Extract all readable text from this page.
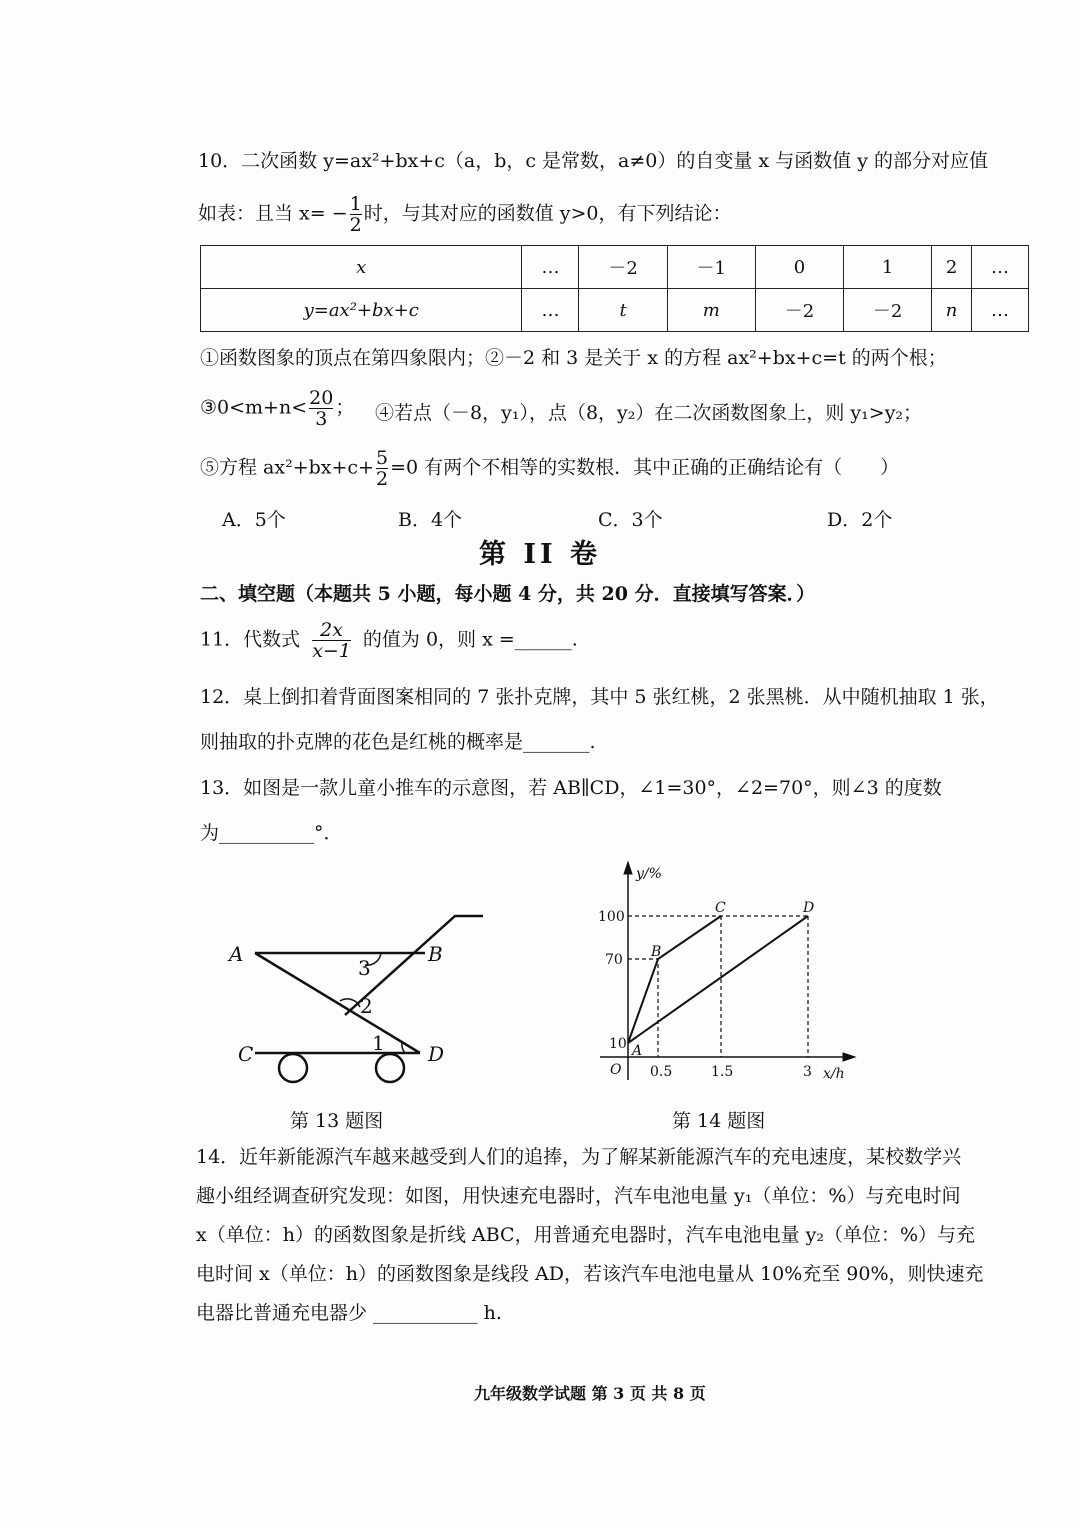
10．二次函数 y=ax²+bx+c（a，b，c 是常数，a≠0）的自变量 x 与函数值 y 的部分对应值
如表：且当 $x= - \frac{1}{2}$ 时，与其对应的函数值 y>0，有下列结论：
x	…	－2	－1	0	1	2	…
y=ax²+bx+c	…	t	m	－2	－2	n	…
①函数图象的顶点在第四象限内；②－2 和 3 是关于 x 的方程 ax²+bx+c=t 的两个根；
③0<m+n< $\frac{20}{3}$ ； ④若点（－8，y₁），点（8，y₂）在二次函数图象上，则 y₁>y₂；
⑤方程 $ax^2+bx+c+ \frac{5}{2} =0$ 有两个不相等的实数根．其中正确的正确结论有（　　）
A．5个	B．4个	C．3个	D．2个
第 II 卷
二、填空题（本题共 5 小题，每小题 4 分，共 20 分．直接填写答案．）
11．代数式 $\frac{2x}{x-1}$ 的值为 0，则 x =______.
12．桌上倒扣着背面图案相同的 7 张扑克牌，其中 5 张红桃，2 张黑桃．从中随机抽取 1 张，
则抽取的扑克牌的花色是红桃的概率是_______.
13．如图是一款儿童小推车的示意图，若 AB∥CD，∠1=30°，∠2=70°，则∠3 的度数
为__________°．
A	B
C	D
1
2
3
y/%
x/h
O
100
70
10
0.5	1.5	3
A
B
C	D
第 13 题图	第 14 题图
14．近年新能源汽车越来越受到人们的追捧，为了解某新能源汽车的充电速度，某校数学兴
趣小组经调查研究发现：如图，用快速充电器时，汽车电池电量 y₁（单位：%）与充电时间
x（单位：h）的函数图象是折线 ABC，用普通充电器时，汽车电池电量 y₂（单位：%）与充
电时间 x（单位：h）的函数图象是线段 AD，若该汽车电池电量从 10%充至 90%，则快速充
电器比普通充电器少 ___________ h.
九年级数学试题 第 3 页 共 8 页
